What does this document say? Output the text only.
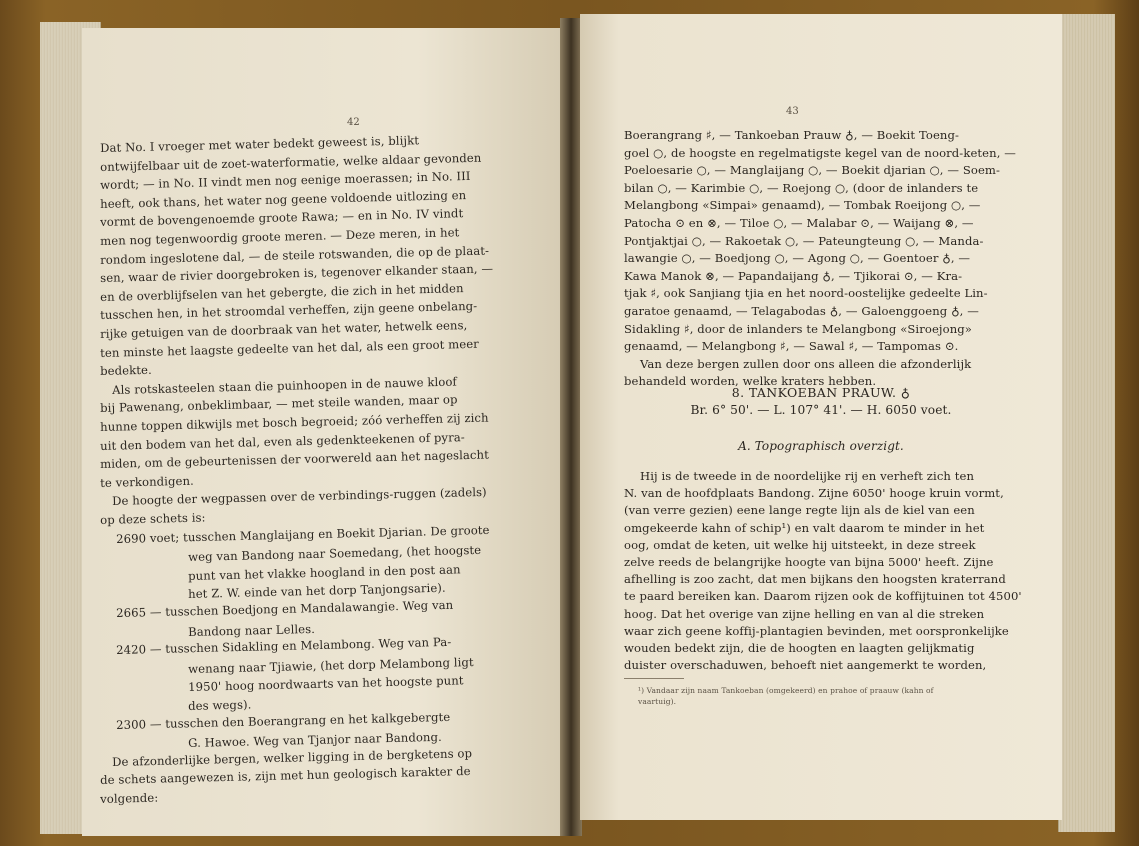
42
Dat No. I vroeger met water bedekt geweest is, blijkt
ontwijfelbaar uit de zoet-waterformatie, welke aldaar gevonden
wordt; — in No. II vindt men nog eenige moerassen; in No. III
heeft, ook thans, het water nog geene voldoende uitlozing en
vormt de bovengenoemde groote Rawa; — en in No. IV vindt
men nog tegenwoordig groote meren. — Deze meren, in het
rondom ingeslotene dal, — de steile rotswanden, die op de plaat-
sen, waar de rivier doorgebroken is, tegenover elkander staan, —
en de overblijfselen van het gebergte, die zich in het midden
tusschen hen, in het stroomdal verheffen, zijn geene onbelang-
rijke getuigen van de doorbraak van het water, hetwelk eens,
ten minste het laagste gedeelte van het dal, als een groot meer
bedekte.
Als rotskasteelen staan die puinhoopen in de nauwe kloof
bij Pawenang, onbeklimbaar, — met steile wanden, maar op
hunne toppen dikwijls met bosch begroeid; zóó verheffen zij zich
uit den bodem van het dal, even als gedenkteekenen of pyra-
miden, om de gebeurtenissen der voorwereld aan het nageslacht
te verkondigen.
De hoogte der wegpassen over de verbindings-ruggen (zadels)
op deze schets is:
2690 voet; tusschen Manglaijang en Boekit Djarian. De groote
weg van Bandong naar Soemedang, (het hoogste
punt van het vlakke hoogland in den post aan
het Z. W. einde van het dorp Tanjongsarie).
2665 — tusschen Boedjong en Mandalawangie. Weg van
Bandong naar Lelles.
2420 — tusschen Sidakling en Melambong. Weg van Pa-
wenang naar Tjiawie, (het dorp Melambong ligt
1950' hoog noordwaarts van het hoogste punt
des wegs).
2300 — tusschen den Boerangrang en het kalkgebergte
G. Hawoe. Weg van Tjanjor naar Bandong.
De afzonderlijke bergen, welker ligging in de bergketens op
de schets aangewezen is, zijn met hun geologisch karakter de
volgende:
43
Boerangrang ♯, — Tankoeban Prauw ♁, — Boekit Toeng-
goel ○, de hoogste en regelmatigste kegel van de noord-keten, —
Poeloesarie ○, — Manglaijang ○, — Boekit djarian ○, — Soem-
bilan ○, — Karimbie ○, — Roejong ○, (door de inlanders te
Melangbong «Simpai» genaamd), — Tombak Roeijong ○, —
Patocha ⊙ en ⊗, — Tiloe ○, — Malabar ⊙, — Waijang ⊗, —
Pontjaktjai ○, — Rakoetak ○, — Pateungteung ○, — Manda-
lawangie ○, — Boedjong ○, — Agong ○, — Goentoer ♁, —
Kawa Manok ⊗, — Papandaijang ♁, — Tjikorai ⊙, — Kra-
tjak ♯, ook Sanjiang tjia en het noord-oostelijke gedeelte Lin-
garatoe genaamd, — Telagabodas ♁, — Galoenggoeng ♁, —
Sidakling ♯, door de inlanders te Melangbong «Siroejong»
genaamd, — Melangbong ♯, — Sawal ♯, — Tampomas ⊙.
Van deze bergen zullen door ons alleen die afzonderlijk
behandeld worden, welke kraters hebben.
8. TANKOEBAN PRAUW. ♁
Br. 6° 50'. — L. 107° 41'. — H. 6050 voet.
A. Topographisch overzigt.
Hij is de tweede in de noordelijke rij en verheft zich ten
N. van de hoofdplaats Bandong. Zijne 6050' hooge kruin vormt,
(van verre gezien) eene lange regte lijn als de kiel van een
omgekeerde kahn of schip¹) en valt daarom te minder in het
oog, omdat de keten, uit welke hij uitsteekt, in deze streek
zelve reeds de belangrijke hoogte van bijna 5000' heeft. Zijne
afhelling is zoo zacht, dat men bijkans den hoogsten kraterrand
te paard bereiken kan. Daarom rijzen ook de koffijtuinen tot 4500'
hoog. Dat het overige van zijne helling en van al die streken
waar zich geene koffij-plantagien bevinden, met oorspronkelijke
wouden bedekt zijn, die de hoogten en laagten gelijkmatig
duister overschaduwen, behoeft niet aangemerkt te worden,
¹) Vandaar zijn naam Tankoeban (omgekeerd) en prahoe of praauw (kahn of
vaartuig).
